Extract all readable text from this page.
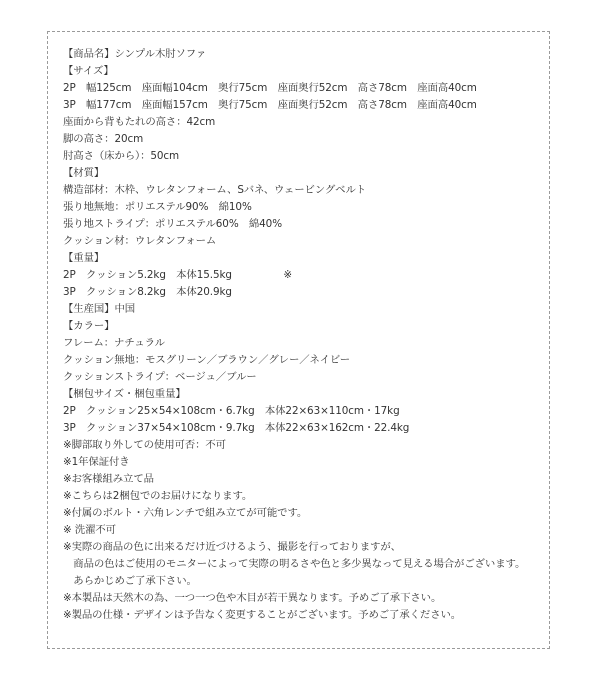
【商品名】シンプル木肘ソファ
【サイズ】
2P　幅125cm　座面幅104cm　奥行75cm　座面奥行52cm　高さ78cm　座面高40cm
3P　幅177cm　座面幅157cm　奥行75cm　座面奥行52cm　高さ78cm　座面高40cm
座面から背もたれの高さ：42cm
脚の高さ：20cm
肘高さ（床から）：50cm
【材質】
構造部材：木枠、ウレタンフォーム、Sバネ、ウェービングベルト
張り地無地：ポリエステル90%　綿10%
張り地ストライプ：ポリエステル60%　綿40%
クッション材：ウレタンフォーム
【重量】
2P　クッション5.2kg　本体15.5kg　　　　　※
3P　クッション8.2kg　本体20.9kg
【生産国】中国
【カラー】
フレーム：ナチュラル
クッション無地：モスグリーン／ブラウン／グレー／ネイビー
クッションストライプ：ベージュ／ブルー
【梱包サイズ・梱包重量】
2P　クッション25×54×108cm・6.7kg　本体22×63×110cm・17kg
3P　クッション37×54×108cm・9.7kg　本体22×63×162cm・22.4kg
※脚部取り外しての使用可否：不可
※1年保証付き
※お客様組み立て品
※こちらは2梱包でのお届けになります。
※付属のボルト・六角レンチで組み立てが可能です。
※ 洗濯不可
※実際の商品の色に出来るだけ近づけるよう、撮影を行っておりますが、
　商品の色はご使用のモニターによって実際の明るさや色と多少異なって見える場合がございます。
　あらかじめご了承下さい。
※本製品は天然木の為、一つ一つ色や木目が若干異なります。予めご了承下さい。
※製品の仕様・デザインは予告なく変更することがございます。予めご了承ください。
